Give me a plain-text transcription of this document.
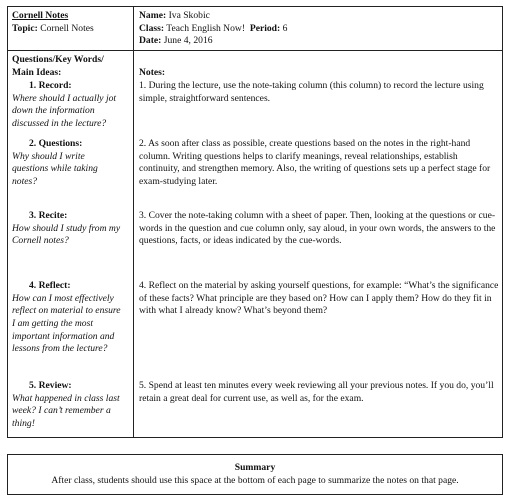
Cornell Notes
Topic: Cornell Notes
Name: Iva Skobic
Class: Teach English Now! Period: 6
Date: June 4, 2016
Questions/Key Words/
Main Ideas:	Notes:
1. Record:
Where should I actually jot
down the information
discussed in the lecture?
1. During the lecture, use the note-taking column (this column) to record the lecture using simple, straightforward sentences.
2. Questions:
Why should I write
questions while taking
notes?
2. As soon after class as possible, create questions based on the notes in the right-hand column. Writing questions helps to clarify meanings, reveal relationships, establish continuity, and strengthen memory. Also, the writing of questions sets up a perfect stage for exam-studying later.
3. Recite:
How should I study from my
Cornell notes?
3. Cover the note-taking column with a sheet of paper. Then, looking at the questions or cue-words in the question and cue column only, say aloud, in your own words, the answers to the questions, facts, or ideas indicated by the cue-words.
4. Reflect:
How can I most effectively
reflect on material to ensure
I am getting the most
important information and
lessons from the lecture?
4. Reflect on the material by asking yourself questions, for example: “What’s the significance of these facts? What principle are they based on? How can I apply them? How do they fit in with what I already know? What’s beyond them?
5. Review:
What happened in class last
week? I can’t remember a
thing!
5. Spend at least ten minutes every week reviewing all your previous notes. If you do, you’ll retain a great deal for current use, as well as, for the exam.
Summary
After class, students should use this space at the bottom of each page to summarize the notes on that page.
